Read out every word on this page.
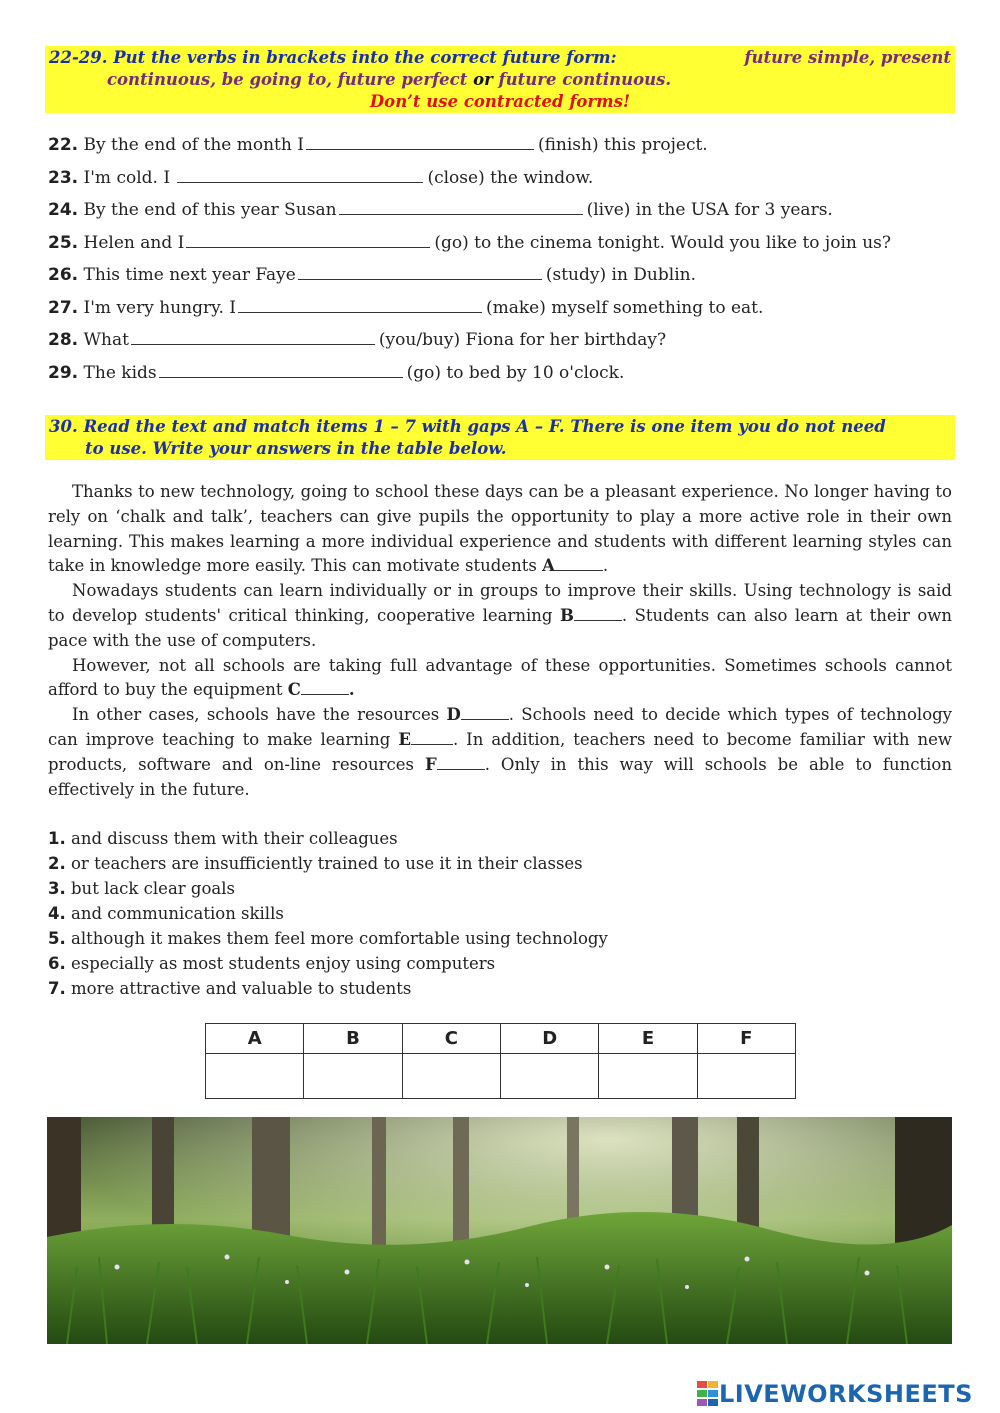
22-29. Put the verbs in brackets into the correct future form:	future simple, present
continuous, be going to, future perfect or future continuous.
Don’t use contracted forms!
22. By the end of the month I	(finish) this project.
23. I'm cold. I	(close) the window.
24. By the end of this year Susan	(live) in the USA for 3 years.
25. Helen and I	(go) to the cinema tonight. Would you like to join us?
26. This time next year Faye	(study) in Dublin.
27. I'm very hungry. I	(make) myself something to eat.
28. What	(you/buy) Fiona for her birthday?
29. The kids	(go) to bed by 10 o'clock.
30. Read the text and match items 1 – 7 with gaps A – F. There is one item you do not need
to use. Write your answers in the table below.

Thanks to new technology, going to school these days can be a pleasant experience. No longer having to rely on ‘chalk and talk’, teachers can give pupils the opportunity to play a more active role in their own learning. This makes learning a more individual experience and students with different learning styles can take in knowledge more easily. This can motivate students A	.

Nowadays students can learn individually or in groups to improve their skills. Using technology is said to develop students' critical thinking, cooperative learning B	. Students can also learn at their own pace with the use of computers.

However, not all schools are taking full advantage of these opportunities. Sometimes schools cannot afford to buy the equipment C	.

In other cases, schools have the resources D	. Schools need to decide which types of technology can improve teaching to make learning E	. In addition, teachers need to become familiar with new products, software and on-line resources F	. Only in this way will schools be able to function effectively in the future.

1. and discuss them with their colleagues
2. or teachers are insufficiently trained to use it in their classes
3. but lack clear goals
4. and communication skills
5. although it makes them feel more comfortable using technology
6. especially as most students enjoy using computers
7. more attractive and valuable to students
A	B	C	D	E	F

LIVEWORKSHEETS
